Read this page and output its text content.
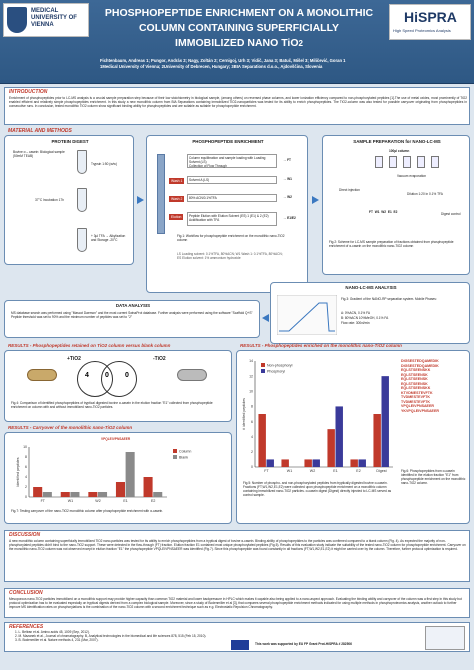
MEDICAL UNIVERSITY OF VIENNA
PHOSPHOPEPTIDE ENRICHMENT ON A MONOLITHIC
COLUMN CONTAINING SUPERFICIALLY
IMMOBILIZED NANO TiO2
HiSPRA
High Speed Proteomics Analysis
Fichtenbaum, Andreas 1; Pungor, András 2; Nagy, Zoltán 2; Cernigoj, Urh 3; Vidič, Jana 3; Batuč, Mišel 3; Miličević, Goran 1
1Medical University of Vienna; 2University of Debrecen, Hungary; 3BIA Separations d.o.o., Ajdovščina, Slovenia
INTRODUCTION
Enrichment of phosphopeptides prior to LC-MS analysis is a crucial sample preparation step because of their low stoichiometry in biological sample, (among others) on reversed phase columns, and lower ionization efficiency compared to non-phosphorylated peptides [1].The use of metal oxides, most prominently of TiO2 enabled efficient and relatively simple phosphopeptides enrichment. In this study a new monolithic column from BIA Separations containing immobilized TiO2-nanoparticles was tested for its ability to enrich phosphopeptides. The TiO2-column was also tested for possible carryover originating from phosphopeptides in consecutive runs. In conclusion, tested monolithic TiO2 column show significant binding ability for phosphopeptides and are suitable as suitable for phosphopeptide enrichment.
MATERIAL AND METHODS
PROTEIN DIGEST
Bovine α – casein: Biological sample (50mM TEAB)
Trypsin 1:50 (w/w)
37°C Incubation 17h
+ 3µl TFA → Alkylization and Storage -20°C
PHOSPHOPEPTIDE ENRICHMENT
Wash 1
Wash 2
Elution
Column equilibration and sample loading with Loading Solvent (LS)
Collection of Flow Through
Solvent A (LS)
80% ACN/0.1%TFA
Peptide Elution with Elution Solvent (ES) 1 (E1) & 2 (E2)
Acidification with TFA
→ FT
→ W1
→ W2
→ E1/E2
Fig.1: Workflow for phosphopeptide enrichment on the monolithic nano-TiO2 column
LS Loading solvent: 0.1%TFA, 80%ACN; W1 Wash 1: 0.1%TFA, 80%ACN; ES Elution solvent: 1% ammonium hydroxide
SAMPLE PREPARATION for NANO-LC-MS
100µl column
Vacuum evaporation
Dilution 1:20 in 0.1% TFA
Direct injection
Digest control
FT W1 W2 E1 E2
Fig.2: Scheme for LC-MS sample preparation of fractions obtained from phosphopeptide enrichment of α-casein on the monolithic nano-TiO2 column
DATA ANALYSIS
MS database search was performed using "Mascot Daemon" and the most current SwissProt database. Further analysis were performed using the software "Scaffold Q+S" Peptide threshold was set to 90% and the minimum number of peptides was set to "2"
NANO-LC-MS ANALYSIS
Fig.3: Gradient of the NANO-RP separation system. Mobile Phases:
A: 0%ACN, 0.1% FA
B: 80%ACN 10%MeOH, 0.1% FA
Flow rate: 300nl/min
RESULTS - Phosphopeptides retained on TiO2 column versus blank column
+TiO2	-TiO2
4 0 0
Fig.4: Comparison of identified phosphopeptides of tryptical digested bovine α-casein in the elution fraction "E1" collected from phosphopeptide enrichment on column with and without immobilized nano-TiO2 particles.
RESULTS - Carryover of the monolithic nano-TiO2 column
VPQLEIVPNSAEER
0
2
4
6
8
10
Identified peptides
FT	W1	W2	E1	E2
Column
Blank
Fig.7: Testing carryover of the nano-TiO2 monolithic column after phosphopeptide enrichment with α-casein.
RESULTS - Phosphopeptides enriched on the monolithic nano-TiO2 column
0
2
4
6
8
10
12
14
# identified peptides
FT	W1	W2	E1	E2	Digest
Non-phosphoryl
Phosphoryl
DIGSESTEDQAMEDIK
DIGSESTEDQAMEDIK
EQLSTSEENSKK
EQLSTSEENSK
EQLSTSEENSK
EQLSTSEENSK
EQLSTSEENSKK
KTVDMESTEVFTK
TVDMESTEVFTK
TVDMESTEVFTK
VPQLEIVPNSAEER
YKVPQLEIVPNSAEER
Fig.5: Number of phospho- and non-phosphorylated peptides from tryptically digested bovine α-casein. Fractions (FT,W1,W2,E1,E2) were collected upon phosphopeptide enrichment on a monolithic column containing immobilized nano-TiO2 particles. α-casein digest (Digest) directly injected to LC-MS served as control sample.
Fig.6: Phosphopeptides from α-casein identified in the elution fraction "E1" from phosphopeptide enrichment on the monolithic nano-TiO2 column.
DISCUSSION
A new monolithic column containing superficially immobilized TiO2 nano-particles was tested for its ability to enrich phosphopeptides from a tryptical digest of bovine α-casein. Binding ability of phosphopeptides to the particles was confirmed compared to a blank column (Fig. 4). As expected the majority of non-phosphorylated peptides didn't bind to the nano-TiO2 support. These were detected in the flow-through (FT) fraction. Elution fraction E1 contained most unique phosphorylated peptides (Fig.5). Results of this evaluation study indicate the suitability of the tested nano-TiO2 column for phosphopeptide enrichment. Carryover on the monolithic nano-TiO2 column was not observed except in elution fraction "E1" the phosphopeptide VPQLEIVPNSAEER was identified (Fig.7). Since this phosphopeptide was found constantly in all fractions (FT,W1,W2,E1,E2) it might be carried over by the column. Therefore, further protocol optimization is required.
CONCLUSION
Mesoporous nano-TiO2 particles immobilized on a monolithic support may provide higher capacity than common TiO2 material and lower backpressure in HPLC which makes it capable also being applied to a nano-aspect approach. Evaluating the binding ability and carryover of the column was a first step in this study but protocol optimization has to be evaluated especially on tryptical digests derived from a complex biological sample. Moreover, since a study of Bodenmiller et al [3], that compares several phosphopeptide enrichment methods indicated for using multiple methods in phosphoproteomics analysis, another outlook to further improve MS identification rates on phosphorylations is the combination of the nano-TiO2 column with a second enrichment technique such as e.g. Electrostatic Repulsion Chromatography.
REFERENCES
1. L. Beltran et al. Amino acids 45, 1009 (Sep, 2012).
2. M. Mazanek et al., Journal of chromatography. B, Analytical technologies in the biomedical and life sciences 878, 515 (Feb 15, 2010).
3. B. Bodenmiller et al. Nature methods 4, 231 (Mar, 2007).
This work was supported by EU FP Grant Prot-HiSPRA # 282506
